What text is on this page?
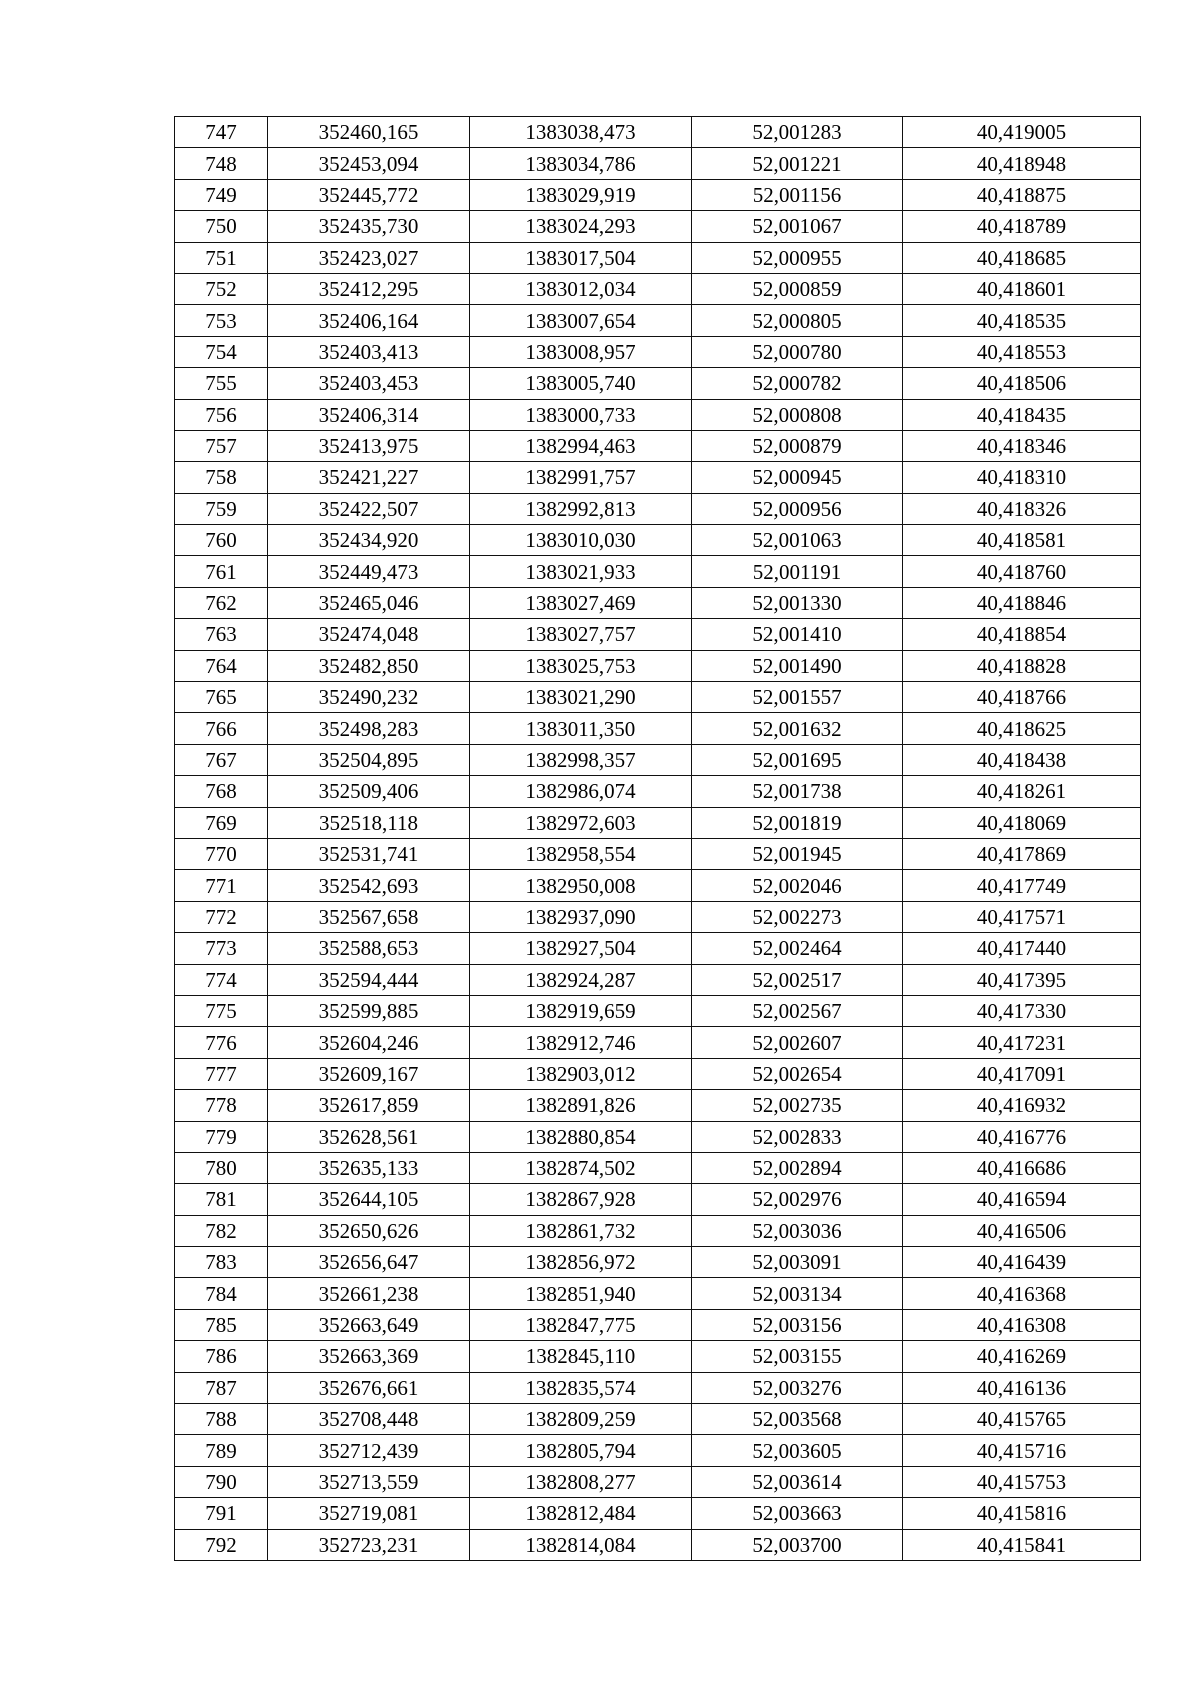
747	352460,165	1383038,473	52,001283	40,419005
748	352453,094	1383034,786	52,001221	40,418948
749	352445,772	1383029,919	52,001156	40,418875
750	352435,730	1383024,293	52,001067	40,418789
751	352423,027	1383017,504	52,000955	40,418685
752	352412,295	1383012,034	52,000859	40,418601
753	352406,164	1383007,654	52,000805	40,418535
754	352403,413	1383008,957	52,000780	40,418553
755	352403,453	1383005,740	52,000782	40,418506
756	352406,314	1383000,733	52,000808	40,418435
757	352413,975	1382994,463	52,000879	40,418346
758	352421,227	1382991,757	52,000945	40,418310
759	352422,507	1382992,813	52,000956	40,418326
760	352434,920	1383010,030	52,001063	40,418581
761	352449,473	1383021,933	52,001191	40,418760
762	352465,046	1383027,469	52,001330	40,418846
763	352474,048	1383027,757	52,001410	40,418854
764	352482,850	1383025,753	52,001490	40,418828
765	352490,232	1383021,290	52,001557	40,418766
766	352498,283	1383011,350	52,001632	40,418625
767	352504,895	1382998,357	52,001695	40,418438
768	352509,406	1382986,074	52,001738	40,418261
769	352518,118	1382972,603	52,001819	40,418069
770	352531,741	1382958,554	52,001945	40,417869
771	352542,693	1382950,008	52,002046	40,417749
772	352567,658	1382937,090	52,002273	40,417571
773	352588,653	1382927,504	52,002464	40,417440
774	352594,444	1382924,287	52,002517	40,417395
775	352599,885	1382919,659	52,002567	40,417330
776	352604,246	1382912,746	52,002607	40,417231
777	352609,167	1382903,012	52,002654	40,417091
778	352617,859	1382891,826	52,002735	40,416932
779	352628,561	1382880,854	52,002833	40,416776
780	352635,133	1382874,502	52,002894	40,416686
781	352644,105	1382867,928	52,002976	40,416594
782	352650,626	1382861,732	52,003036	40,416506
783	352656,647	1382856,972	52,003091	40,416439
784	352661,238	1382851,940	52,003134	40,416368
785	352663,649	1382847,775	52,003156	40,416308
786	352663,369	1382845,110	52,003155	40,416269
787	352676,661	1382835,574	52,003276	40,416136
788	352708,448	1382809,259	52,003568	40,415765
789	352712,439	1382805,794	52,003605	40,415716
790	352713,559	1382808,277	52,003614	40,415753
791	352719,081	1382812,484	52,003663	40,415816
792	352723,231	1382814,084	52,003700	40,415841
